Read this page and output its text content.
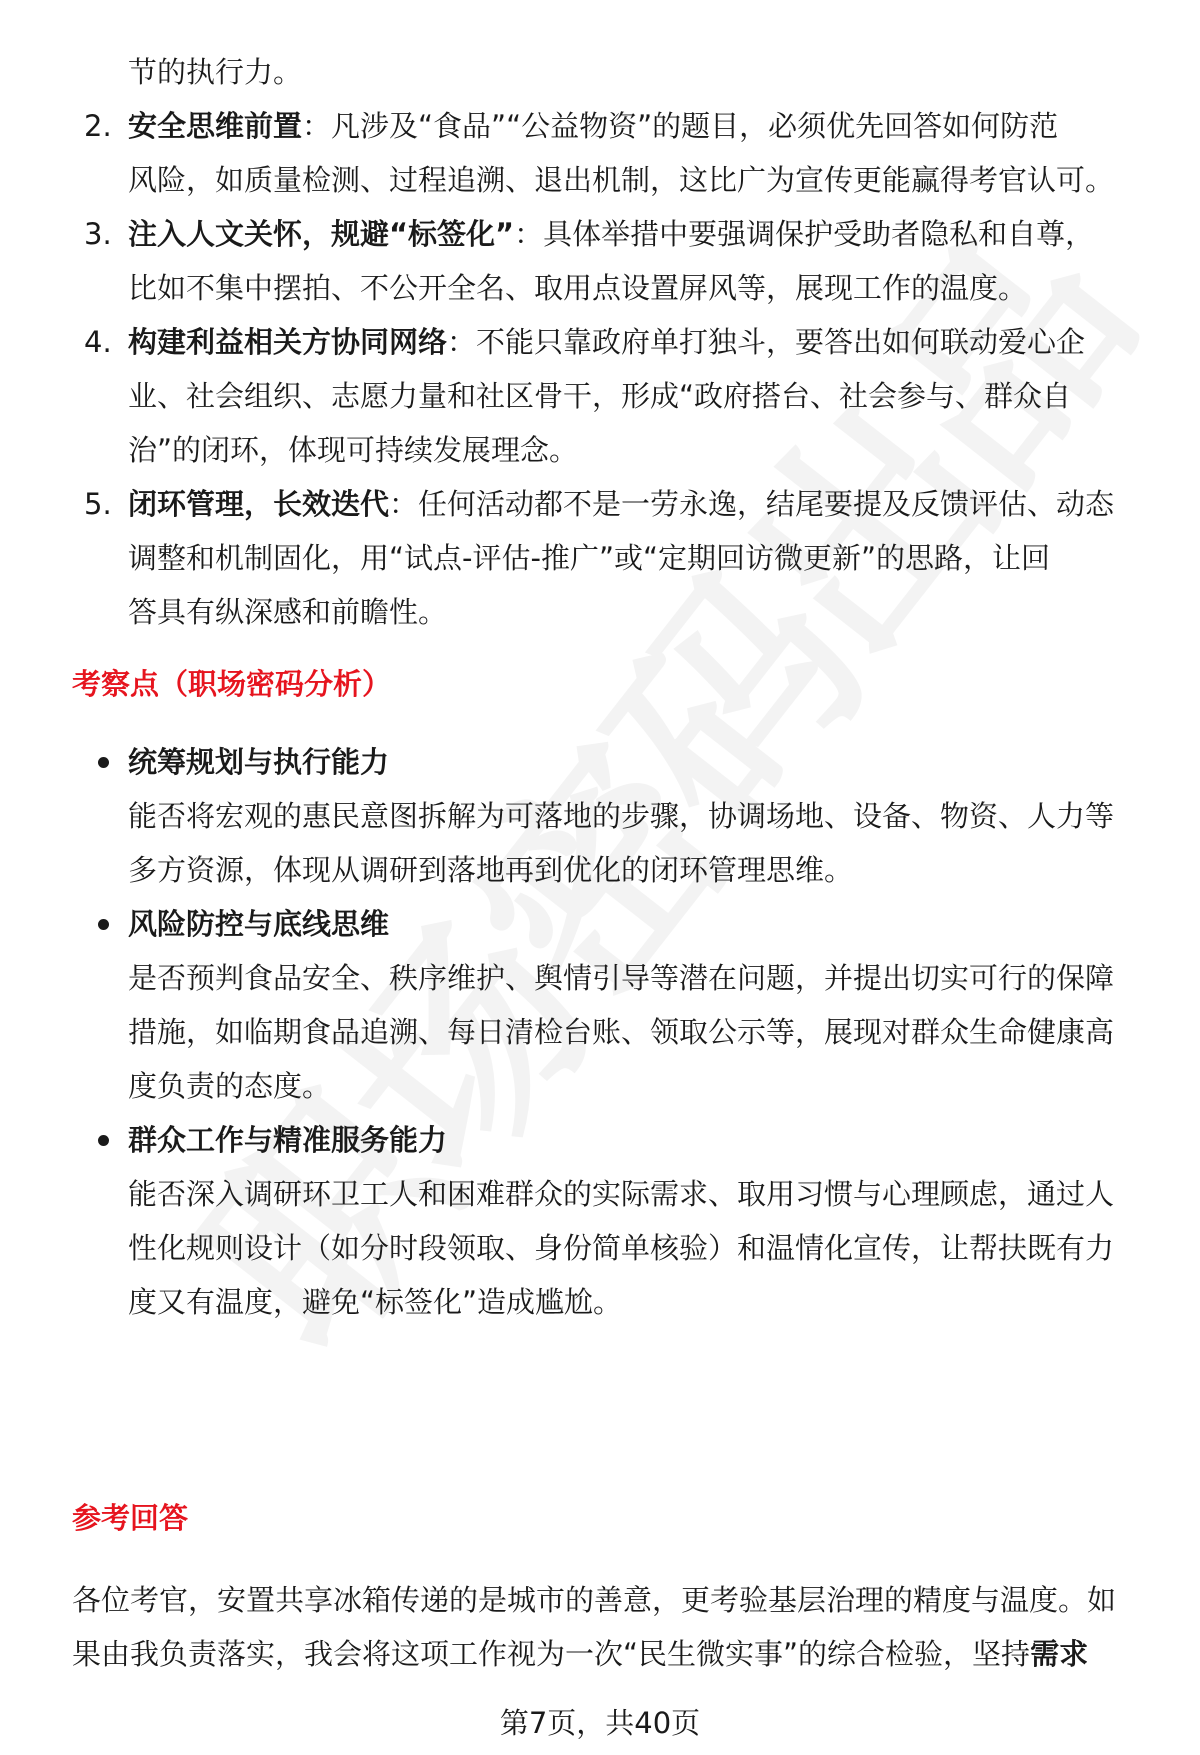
节的执行力。
2. 安全思维前置：凡涉及“食品”“公益物资”的题目，必须优先回答如何防范
风险，如质量检测、过程追溯、退出机制，这比广为宣传更能赢得考官认可。
3. 注入人文关怀，规避“标签化”：具体举措中要强调保护受助者隐私和自尊，
比如不集中摆拍、不公开全名、取用点设置屏风等，展现工作的温度。
4. 构建利益相关方协同网络：不能只靠政府单打独斗，要答出如何联动爱心企
业、社会组织、志愿力量和社区骨干，形成“政府搭台、社会参与、群众自
治”的闭环，体现可持续发展理念。
5. 闭环管理，长效迭代：任何活动都不是一劳永逸，结尾要提及反馈评估、动态
调整和机制固化，用“试点-评估-推广”或“定期回访微更新”的思路，让回
答具有纵深感和前瞻性。
考察点（职场密码分析）
统筹规划与执行能力
能否将宏观的惠民意图拆解为可落地的步骤，协调场地、设备、物资、人力等
多方资源，体现从调研到落地再到优化的闭环管理思维。
风险防控与底线思维
是否预判食品安全、秩序维护、舆情引导等潜在问题，并提出切实可行的保障
措施，如临期食品追溯、每日清检台账、领取公示等，展现对群众生命健康高
度负责的态度。
群众工作与精准服务能力
能否深入调研环卫工人和困难群众的实际需求、取用习惯与心理顾虑，通过人
性化规则设计（如分时段领取、身份简单核验）和温情化宣传，让帮扶既有力
度又有温度，避免“标签化”造成尴尬。
参考回答
各位考官，安置共享冰箱传递的是城市的善意，更考验基层治理的精度与温度。如
果由我负责落实，我会将这项工作视为一次“民生微实事”的综合检验，坚持需求
第7页，共40页
